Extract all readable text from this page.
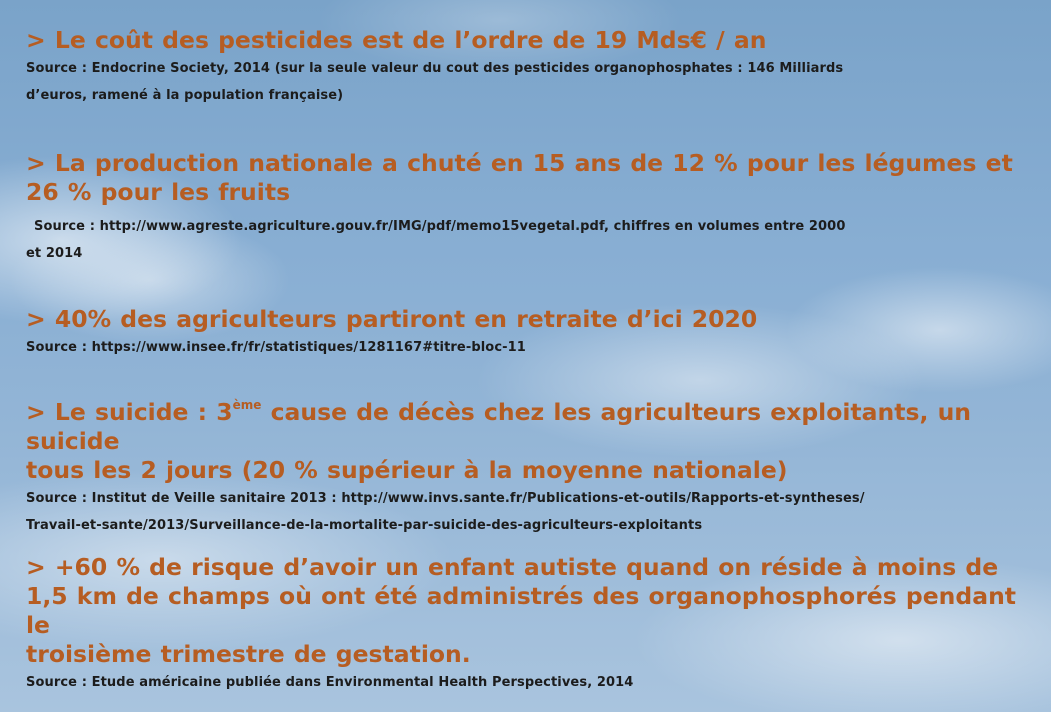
> Le coût des pesticides est de l’ordre de 19 Mds€ / an

Source : Endocrine Society, 2014 (sur la seule valeur du cout des pesticides organophosphates : 146 Milliards
d’euros, ramené à la population française)

> La production nationale a chuté en 15 ans de 12 % pour les légumes et
26 % pour les fruits

Source : http://www.agreste.agriculture.gouv.fr/IMG/pdf/memo15vegetal.pdf, chiffres en volumes entre 2000
et 2014

> 40% des agriculteurs partiront en retraite d’ici 2020

Source : https://www.insee.fr/fr/statistiques/1281167#titre-bloc-11

> Le suicide : 3ème cause de décès chez les agriculteurs exploitants, un suicide
tous les 2 jours (20 % supérieur à la moyenne nationale)

Source : Institut de Veille sanitaire 2013 : http://www.invs.sante.fr/Publications-et-outils/Rapports-et-syntheses/
Travail-et-sante/2013/Surveillance-de-la-mortalite-par-suicide-des-agriculteurs-exploitants

> +60 % de risque d’avoir un enfant autiste quand on réside à moins de
1,5 km de champs où ont été administrés des organophosphorés pendant le
troisième trimestre de gestation.

Source : Etude américaine publiée dans Environmental Health Perspectives, 2014
